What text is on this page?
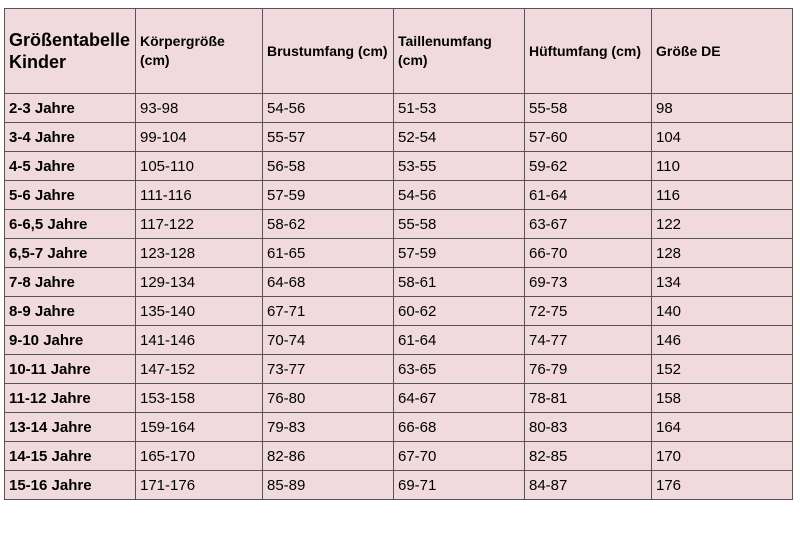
Größentabelle Kinder	Körpergröße (cm)	Brustumfang (cm)	Taillenumfang (cm)	Hüftumfang (cm)	Größe DE
2-3 Jahre	93-98	54-56	51-53	55-58	98
3-4 Jahre	99-104	55-57	52-54	57-60	104
4-5 Jahre	105-110	56-58	53-55	59-62	110
5-6 Jahre	111-116	57-59	54-56	61-64	116
6-6,5 Jahre	117-122	58-62	55-58	63-67	122
6,5-7 Jahre	123-128	61-65	57-59	66-70	128
7-8 Jahre	129-134	64-68	58-61	69-73	134
8-9 Jahre	135-140	67-71	60-62	72-75	140
9-10 Jahre	141-146	70-74	61-64	74-77	146
10-11 Jahre	147-152	73-77	63-65	76-79	152
11-12 Jahre	153-158	76-80	64-67	78-81	158
13-14 Jahre	159-164	79-83	66-68	80-83	164
14-15 Jahre	165-170	82-86	67-70	82-85	170
15-16 Jahre	171-176	85-89	69-71	84-87	176
